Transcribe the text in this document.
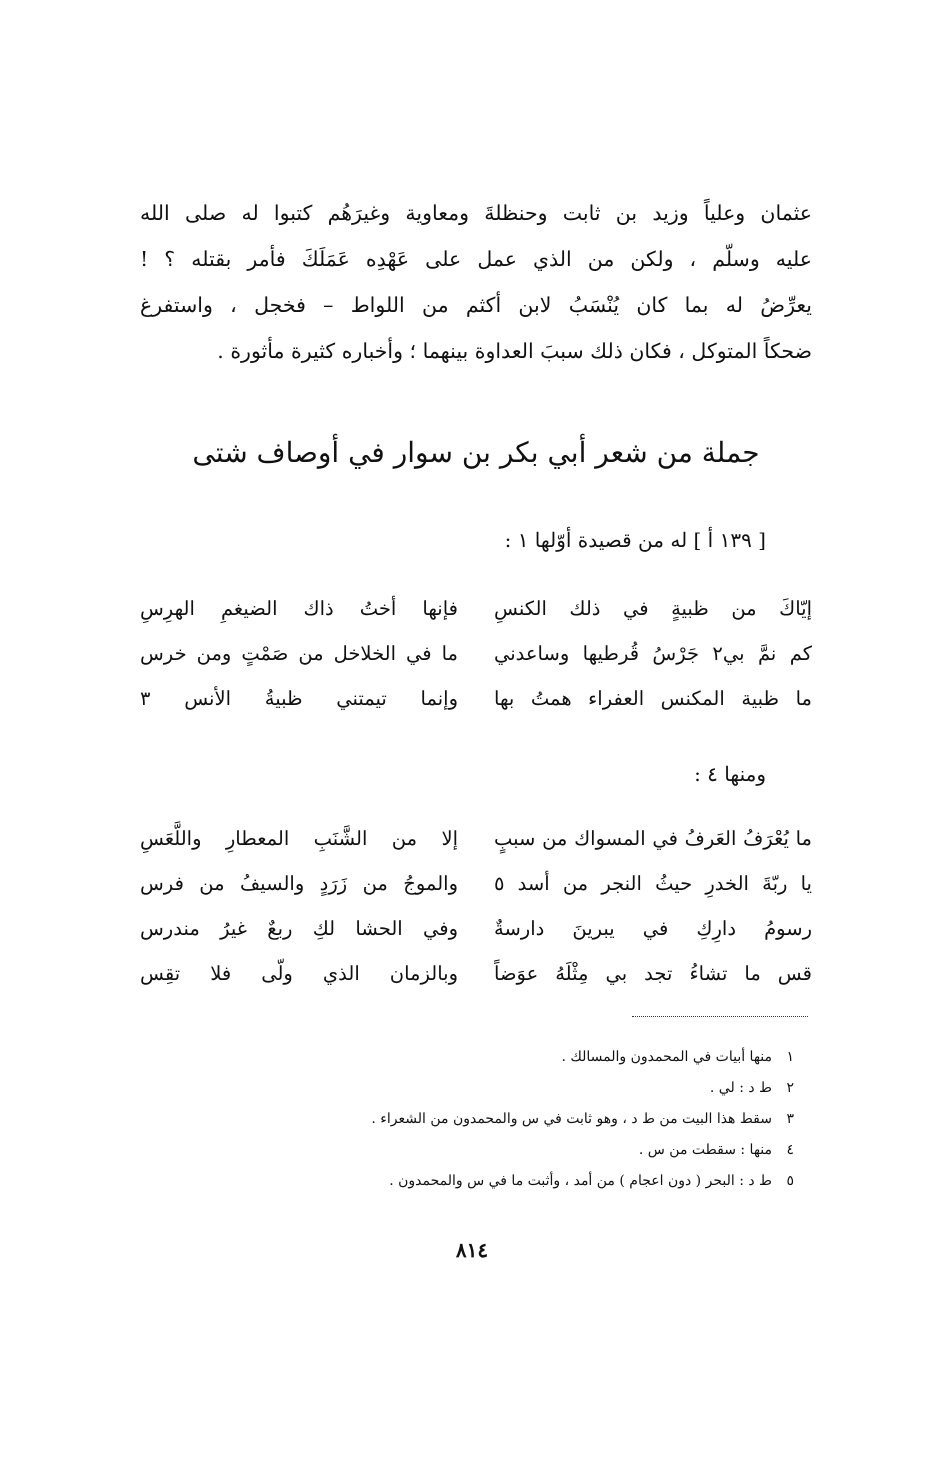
عثمان وعلياً وزيد بن ثابت وحنظلةَ ومعاوية وغيرَهُم كتبوا له صلى الله
عليه وسلّم ، ولكن من الذي عمل على عَهْدِه عَمَلَكَ فأمر بقتله ؟ !
يعرِّضُ له بما كان يُنْسَبُ لابن أكثم من اللواط – فخجل ، واستفرغ
ضحكاً المتوكل ، فكان ذلك سببَ العداوة بينهما ؛ وأخباره كثيرة مأثورة .
جملة من شعر أبي بكر بن سوار في أوصاف شتى
[ ١٣٩ أ ] له من قصيدة أوّلها ١ :
إيّاكَ من ظبيةٍ في ذلك الكنسِ
فإنها أختُ ذاك الضيغمِ الهرِسِ
كم نمَّ بي٢ جَرْسُ قُرطيها وساعدني
ما في الخلاخل من صَمْتٍ ومن خرس
ما ظبية المكنس العفراء همتُ بها
وإنما تيمتني ظبيةُ الأنس ٣
ومنها ٤ :
ما يُعْرَفُ العَرفُ في المسواك من سببٍ
إلا من الشَّنَبِ المعطارِ واللَّعَسِ
يا ربّةَ الخدرِ حيثُ النجر من أسد ٥
والموجُ من زَرَدٍ والسيفُ من فرس
رسومُ دارِكِ في يبرينَ دارسةٌ
وفي الحشا لكِ ربعٌ غيرُ مندرس
قس ما تشاءُ تجد بي مِثْلَهُ عوَضاً
وبالزمان الذي ولّى فلا تقِس
١منها أبيات في المحمدون والمسالك .
٢ط د : لي .
٣سقط هذا البيت من ط د ، وهو ثابت في س والمحمدون من الشعراء .
٤منها : سقطت من س .
٥ط د : البحر ( دون اعجام ) من أمد ، وأثبت ما في س والمحمدون .
٨١٤
